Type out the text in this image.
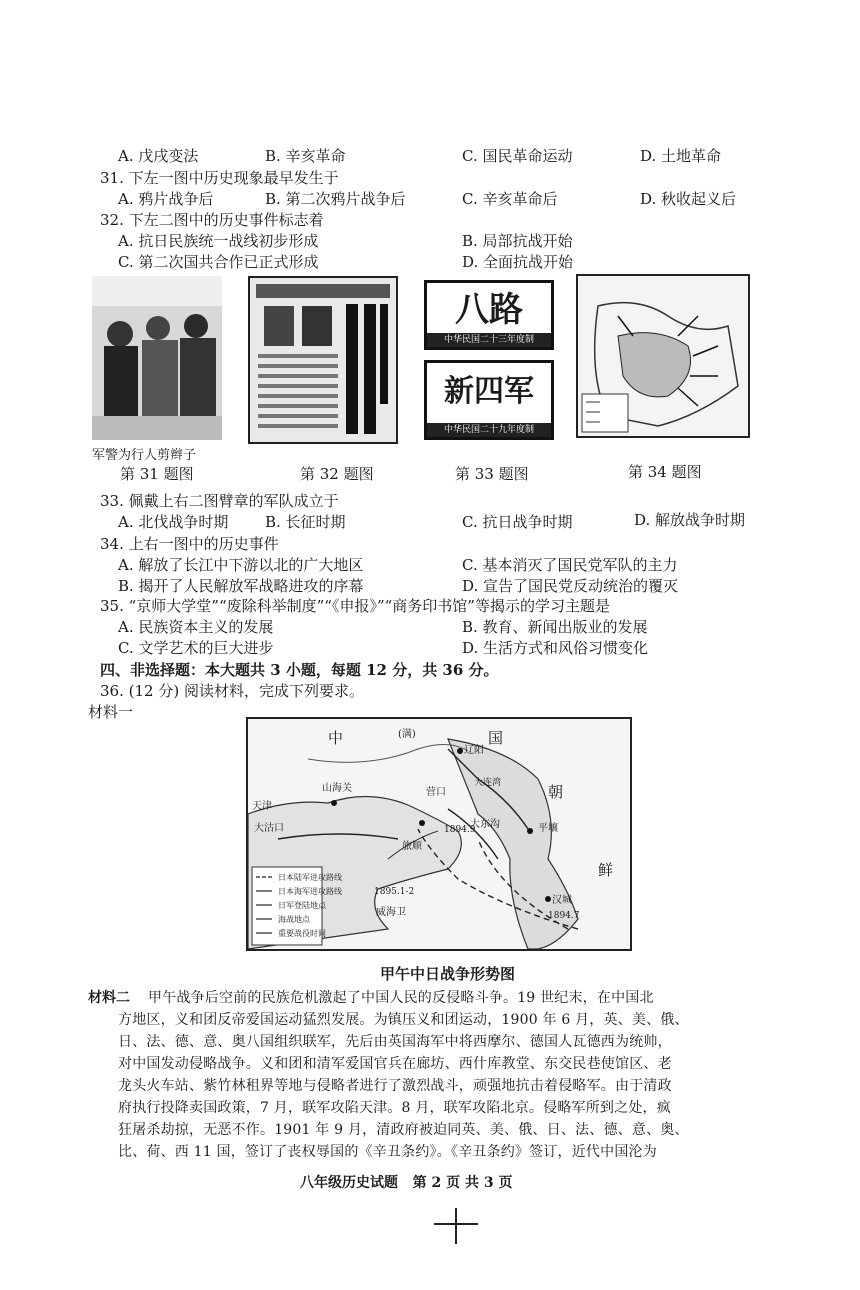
A. 戊戌变法	B. 辛亥革命	C. 国民革命运动	D. 土地革命
31. 下左一图中历史现象最早发生于
A. 鸦片战争后	B. 第二次鸦片战争后	C. 辛亥革命后	D. 秋收起义后
32. 下左二图中的历史事件标志着
A. 抗日民族统一战线初步形成	B. 局部抗战开始
C. 第二次国共合作已正式形成	D. 全面抗战开始
军警为行人剪辫子
八路
中华民国二十三年度制
新四军
中华民国二十九年度制
第 31 题图	第 32 题图	第 33 题图	第 34 题图
33. 佩戴上右二图臂章的军队成立于
A. 北伐战争时期 B. 长征时期	C. 抗日战争时期	D. 解放战争时期
34. 上右一图中的历史事件
A. 解放了长江中下游以北的广大地区	C. 基本消灭了国民党军队的主力
B. 揭开了人民解放军战略进攻的序幕	D. 宣告了国民党反动统治的覆灭
35. “京师大学堂”“废除科举制度”“《申报》”“商务印书馆”等揭示的学习主题是
A. 民族资本主义的发展	B. 教育、新闻出版业的发展
C. 文学艺术的巨大进步	D. 生活方式和风俗习惯变化
四、非选择题：本大题共 3 小题，每题 12 分，共 36 分。
36. (12 分) 阅读材料，完成下列要求。
材料一
中	(满)	国
辽阳
朝
山海关	营口
大连湾
天津
大沽口
旅顺
大东沟	平壤
1894.9
鲜
汉城
1895.1-2
威海卫	1894.7
日本陆军进攻路线
日本海军进攻路线
日军登陆地点
海战地点
重要战役时间
甲午中日战争形势图
材料二 甲午战争后空前的民族危机激起了中国人民的反侵略斗争。19 世纪末，在中国北
方地区，义和团反帝爱国运动猛烈发展。为镇压义和团运动，1900 年 6 月，英、美、俄、
日、法、德、意、奥八国组织联军，先后由英国海军中将西摩尔、德国人瓦德西为统帅，
对中国发动侵略战争。义和团和清军爱国官兵在廊坊、西什库教堂、东交民巷使馆区、老
龙头火车站、紫竹林租界等地与侵略者进行了激烈战斗，顽强地抗击着侵略军。由于清政
府执行投降卖国政策，7 月，联军攻陷天津。8 月，联军攻陷北京。侵略军所到之处，疯
狂屠杀劫掠，无恶不作。1901 年 9 月，清政府被迫同英、美、俄、日、法、德、意、奥、
比、荷、西 11 国，签订了丧权辱国的《辛丑条约》。《辛丑条约》签订，近代中国沦为
八年级历史试题   第 2 页 共 3 页
